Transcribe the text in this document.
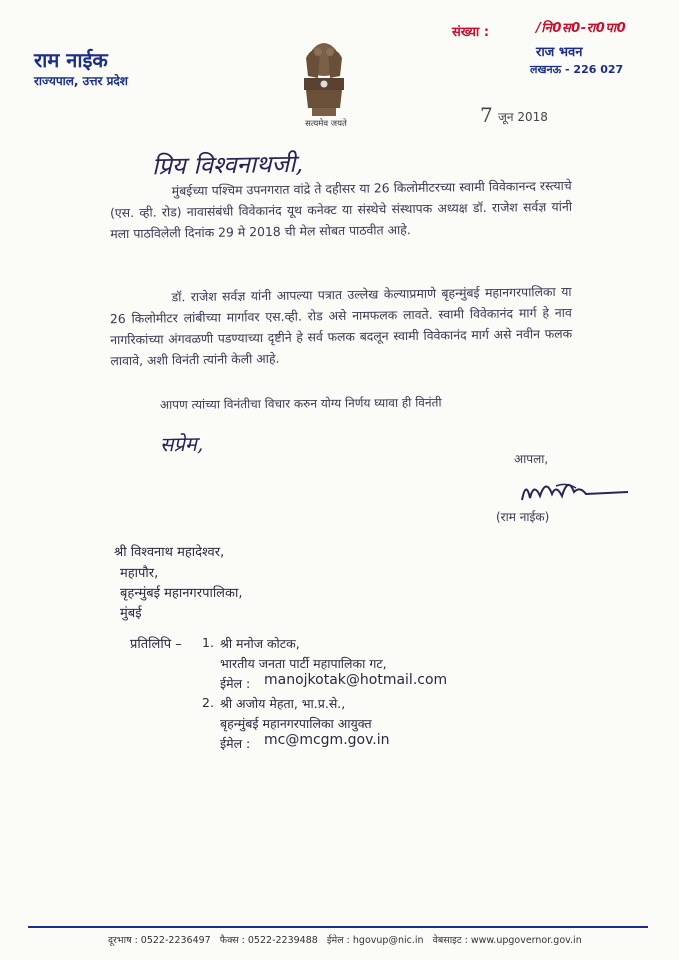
राम नाईक
राज्यपाल, उत्तर प्रदेश
सत्यमेव जयते
संख्या :	/नि0स0-रा0पा0
राज भवन
लखनऊ - 226 027
7 जून 2018
प्रिय विश्वनाथजी,
मुंबईच्या पश्चिम उपनगरात वांद्रे ते दहीसर या 26 किलोमीटरच्या स्वामी विवेकानन्द रस्त्याचे (एस. व्ही. रोड) नावासंबंधी विवेकानंद यूथ कनेक्ट या संस्थेचे संस्थापक अध्यक्ष डॉ. राजेश सर्वज्ञ यांनी मला पाठविलेली दिनांक 29 मे 2018 ची मेल सोबत पाठवीत आहे.
डॉ. राजेश सर्वज्ञ यांनी आपल्या पत्रात उल्लेख केल्याप्रमाणे बृहन्मुंबई महानगरपालिका या 26 किलोमीटर लांबीच्या मार्गावर एस.व्ही. रोड असे नामफलक लावते. स्वामी विवेकानंद मार्ग हे नाव नागरिकांच्या अंगवळणी पडण्याच्या दृष्टीने हे सर्व फलक बदलून स्वामी विवेकानंद मार्ग असे नवीन फलक लावावे, अशी विनंती त्यांनी केली आहे.
आपण त्यांच्या विनंतीचा विचार करुन योग्य निर्णय घ्यावा ही विनंती
सप्रेम,
आपला,
(राम नाईक)
श्री विश्वनाथ महादेश्वर,
महापौर,
बृहन्मुंबई महानगरपालिका,
मुंबई
प्रतिलिपि – 1. श्री मनोज कोटक,
भारतीय जनता पार्टी महापालिका गट,
ईमेल : manojkotak@hotmail.com
2. श्री अजोय मेहता, भा.प्र.से.,
बृहन्मुंबई महानगरपालिका आयुक्त
ईमेल : mc@mcgm.gov.in
दूरभाष : 0522-2236497 फैक्स : 0522-2239488 ईमेल : hgovup@nic.in वेबसाइट : www.upgovernor.gov.in
